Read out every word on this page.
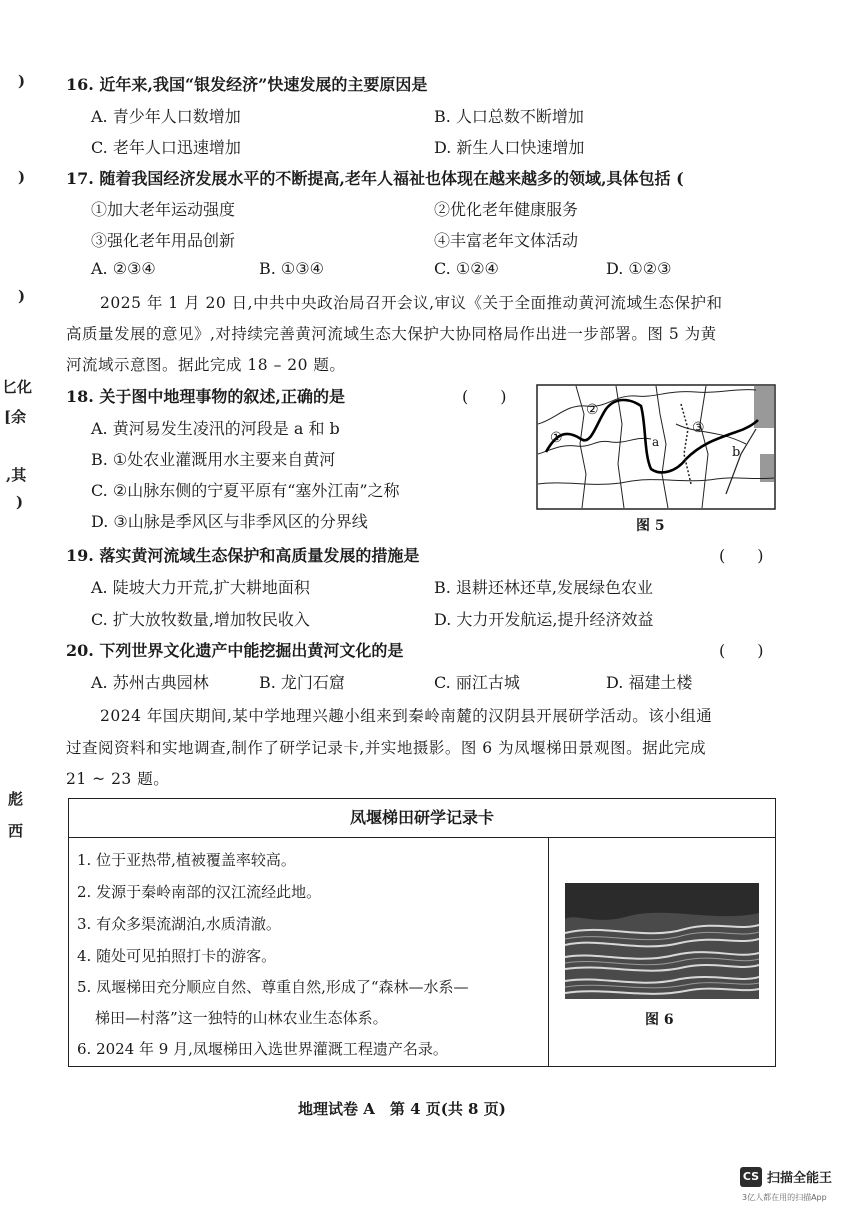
)
)
)
匕化
[余
,其
)
彪
西
16. 近年来,我国“银发经济”快速发展的主要原因是
A. 青少年人口数增加	B. 人口总数不断增加
C. 老年人口迅速增加	D. 新生人口快速增加
17. 随着我国经济发展水平的不断提高,老年人福祉也体现在越来越多的领域,具体包括 (
①加大老年运动强度	②优化老年健康服务
③强化老年用品创新	④丰富老年文体活动
A. ②③④	B. ①③④	C. ①②④	D. ①②③
2025 年 1 月 20 日,中共中央政治局召开会议,审议《关于全面推动黄河流域生态保护和
高质量发展的意见》,对持续完善黄河流域生态大保护大协同格局作出进一步部署。图 5 为黄
河流域示意图。据此完成 18 – 20 题。
18. 关于图中地理事物的叙述,正确的是	(　　)
A. 黄河易发生凌汛的河段是 a 和 b
B. ①处农业灌溉用水主要来自黄河
C. ②山脉东侧的宁夏平原有“塞外江南”之称
D. ③山脉是季风区与非季风区的分界线
②
①
③
a
b
图 5
19. 落实黄河流域生态保护和高质量发展的措施是	(　　)
A. 陡坡大力开荒,扩大耕地面积	B. 退耕还林还草,发展绿色农业
C. 扩大放牧数量,增加牧民收入	D. 大力开发航运,提升经济效益
20. 下列世界文化遗产中能挖掘出黄河文化的是	(　　)
A. 苏州古典园林	B. 龙门石窟	C. 丽江古城	D. 福建土楼
2024 年国庆期间,某中学地理兴趣小组来到秦岭南麓的汉阴县开展研学活动。该小组通
过查阅资料和实地调查,制作了研学记录卡,并实地摄影。图 6 为凤堰梯田景观图。据此完成
21 ~ 23 题。
凤堰梯田研学记录卡
1. 位于亚热带,植被覆盖率较高。
2. 发源于秦岭南部的汉江流经此地。
3. 有众多渠流湖泊,水质清澈。
4. 随处可见拍照打卡的游客。
5. 凤堰梯田充分顺应自然、尊重自然,形成了“森林—水系—
梯田—村落”这一独特的山林农业生态体系。
6. 2024 年 9 月,凤堰梯田入选世界灌溉工程遗产名录。
图 6
地理试卷 A　第 4 页(共 8 页)
CS 扫描全能王
3亿人都在用的扫描App
